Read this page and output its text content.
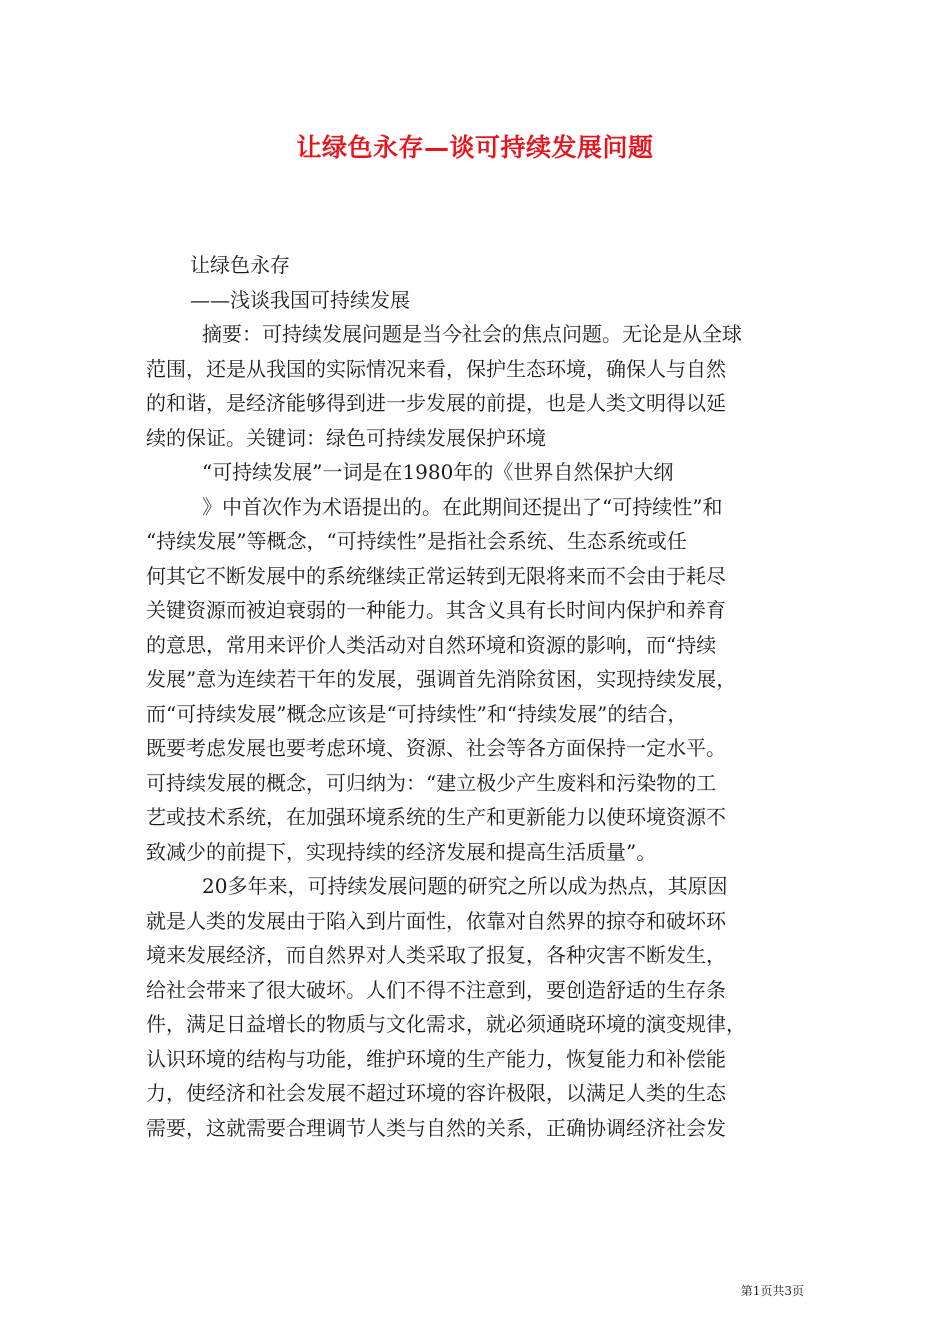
让绿色永存—谈可持续发展问题
让绿色永存
——浅谈我国可持续发展
摘要：可持续发展问题是当今社会的焦点问题。无论是从全球
范围，还是从我国的实际情况来看，保护生态环境，确保人与自然
的和谐，是经济能够得到进一步发展的前提，也是人类文明得以延
续的保证。关键词：绿色可持续发展保护环境
“可持续发展”一词是在1980年的《世界自然保护大纲
》中首次作为术语提出的。在此期间还提出了“可持续性”和
“持续发展”等概念，“可持续性”是指社会系统、生态系统或任
何其它不断发展中的系统继续正常运转到无限将来而不会由于耗尽
关键资源而被迫衰弱的一种能力。其含义具有长时间内保护和养育
的意思，常用来评价人类活动对自然环境和资源的影响，而“持续
发展”意为连续若干年的发展，强调首先消除贫困，实现持续发展，
而“可持续发展”概念应该是“可持续性”和“持续发展”的结合，
既要考虑发展也要考虑环境、资源、社会等各方面保持一定水平。
可持续发展的概念，可归纳为：“建立极少产生废料和污染物的工
艺或技术系统，在加强环境系统的生产和更新能力以使环境资源不
致减少的前提下，实现持续的经济发展和提高生活质量”。
20多年来，可持续发展问题的研究之所以成为热点，其原因
就是人类的发展由于陷入到片面性，依靠对自然界的掠夺和破坏环
境来发展经济，而自然界对人类采取了报复，各种灾害不断发生，
给社会带来了很大破坏。人们不得不注意到，要创造舒适的生存条
件，满足日益增长的物质与文化需求，就必须通晓环境的演变规律，
认识环境的结构与功能，维护环境的生产能力，恢复能力和补偿能
力，使经济和社会发展不超过环境的容许极限，以满足人类的生态
需要，这就需要合理调节人类与自然的关系，正确协调经济社会发
第1页共3页
